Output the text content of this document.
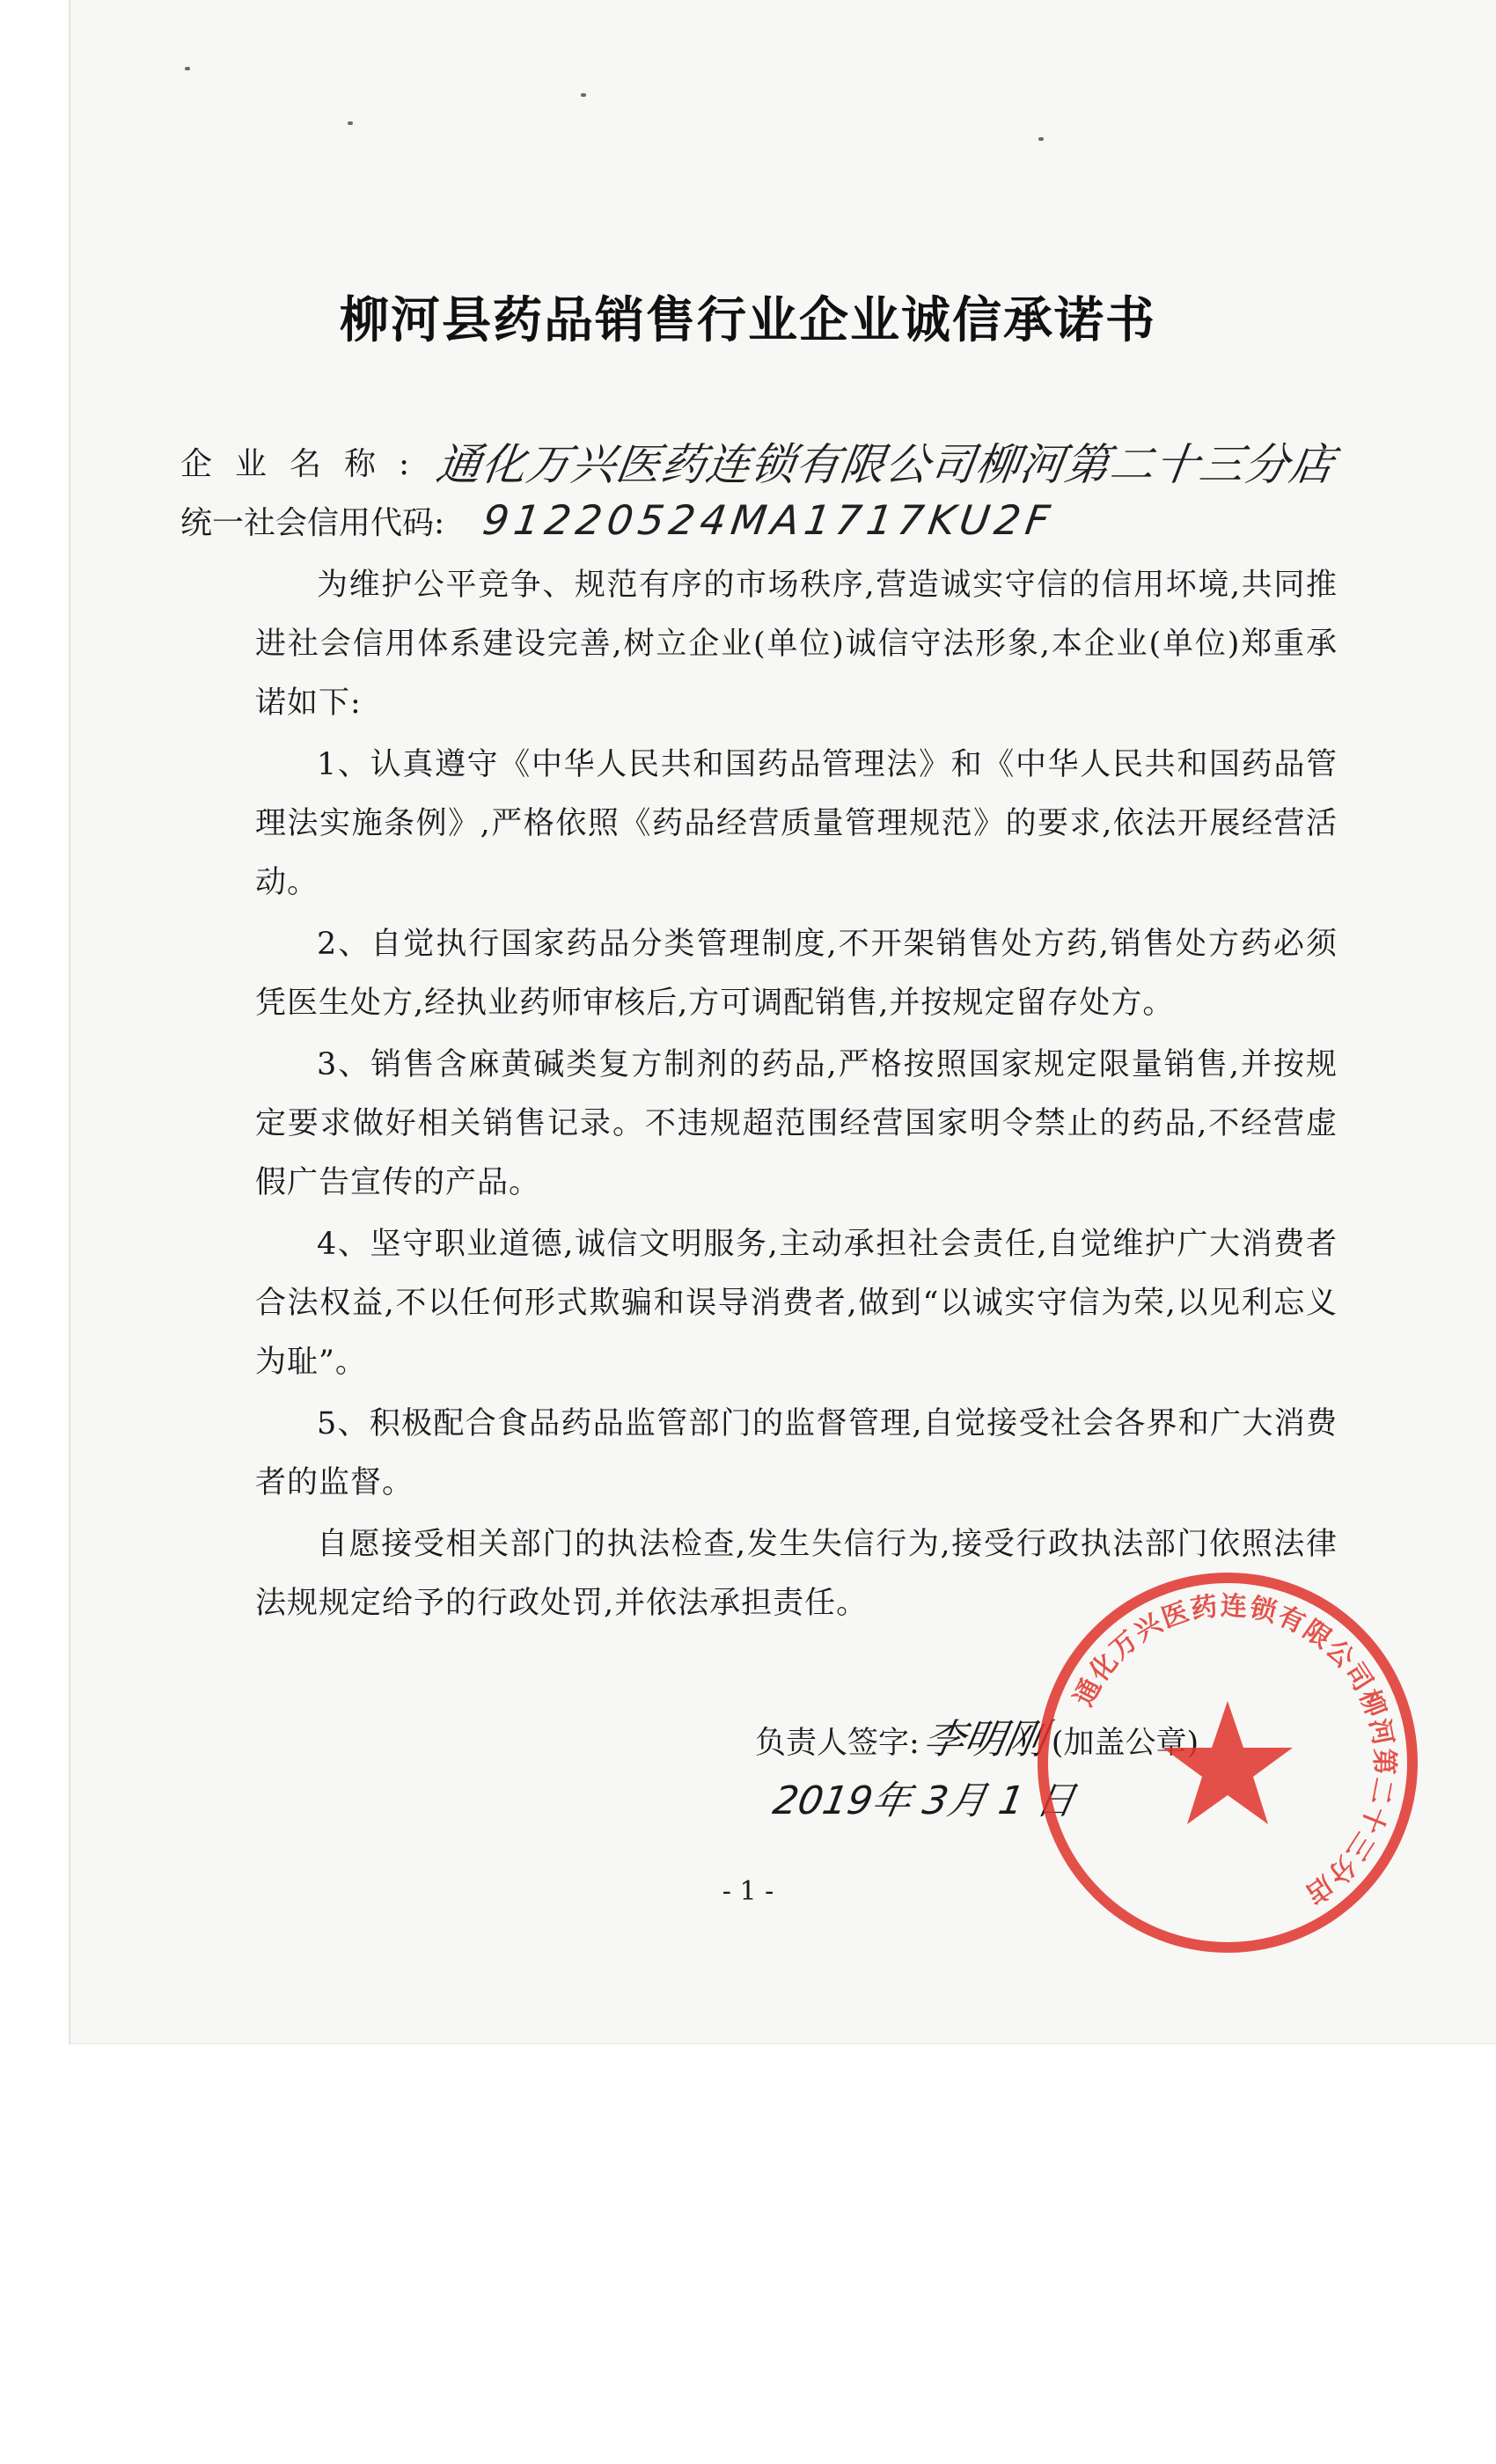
柳河县药品销售行业企业诚信承诺书
企业名称:通化万兴医药连锁有限公司柳河第二十三分店
统一社会信用代码: 91220524MA1717KU2F

为维护公平竞争、规范有序的市场秩序,营造诚实守信的信用坏境,共同推进社会信用体系建设完善,树立企业(单位)诚信守法形象,本企业(单位)郑重承诺如下:

1、认真遵守《中华人民共和国药品管理法》和《中华人民共和国药品管理法实施条例》,严格依照《药品经营质量管理规范》的要求,依法开展经营活动。

2、自觉执行国家药品分类管理制度,不开架销售处方药,销售处方药必须凭医生处方,经执业药师审核后,方可调配销售,并按规定留存处方。

3、销售含麻黄碱类复方制剂的药品,严格按照国家规定限量销售,并按规定要求做好相关销售记录。不违规超范围经营国家明令禁止的药品,不经营虚假广告宣传的产品。

4、坚守职业道德,诚信文明服务,主动承担社会责任,自觉维护广大消费者合法权益,不以任何形式欺骗和误导消费者,做到“以诚实守信为荣,以见利忘义为耻”。

5、积极配合食品药品监管部门的监督管理,自觉接受社会各界和广大消费者的监督。

自愿接受相关部门的执法检查,发生失信行为,接受行政执法部门依照法律法规规定给予的行政处罚,并依法承担责任。

负责人签字:李明刚(加盖公章)
2019年 3月 1 日
- 1 -
通化万兴医药连锁有限公司柳河第二十三分店
